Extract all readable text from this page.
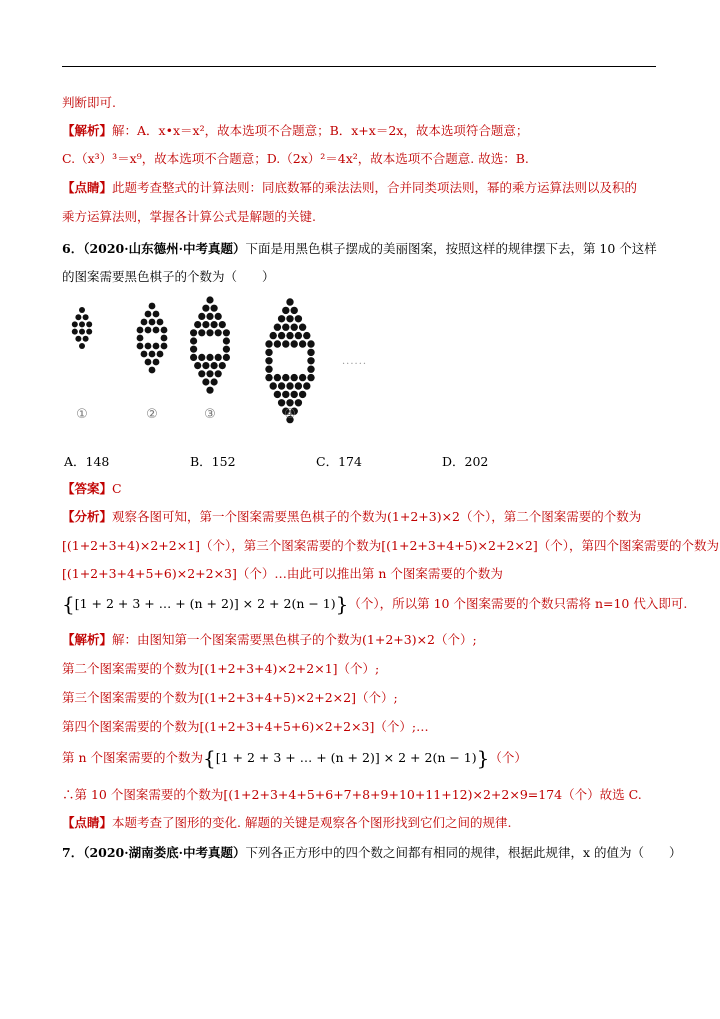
判断即可.
【解析】解：A．x•x＝x²，故本选项不合题意；B．x+x＝2x，故本选项符合题意；
C.（x³）³＝x⁹，故本选项不合题意；D.（2x）²＝4x²，故本选项不合题意. 故选：B.
【点睛】此题考查整式的计算法则：同底数幂的乘法法则，合并同类项法则，幂的乘方运算法则以及积的
乘方运算法则，掌握各计算公式是解题的关键.
6．（2020·山东德州·中考真题）下面是用黑色棋子摆成的美丽图案，按照这样的规律摆下去，第 10 个这样
的图案需要黑色棋子的个数为（　　）
①	②	③	④
······
A．148	B．152	C．174	D．202
【答案】C
【分析】观察各图可知，第一个图案需要黑色棋子的个数为(1+2+3)×2（个），第二个图案需要的个数为
[(1+2+3+4)×2+2×1]（个），第三个图案需要的个数为[(1+2+3+4+5)×2+2×2]（个），第四个图案需要的个数为
[(1+2+3+4+5+6)×2+2×3]（个）…由此可以推出第 n 个图案需要的个数为
{[1 + 2 + 3 + … + (n + 2)] × 2 + 2(n − 1)}（个），所以第 10 个图案需要的个数只需将 n=10 代入即可.
【解析】解：由图知第一个图案需要黑色棋子的个数为(1+2+3)×2（个）;
第二个图案需要的个数为[(1+2+3+4)×2+2×1]（个）;
第三个图案需要的个数为[(1+2+3+4+5)×2+2×2]（个）;
第四个图案需要的个数为[(1+2+3+4+5+6)×2+2×3]（个）;…
第 n 个图案需要的个数为{[1 + 2 + 3 + … + (n + 2)] × 2 + 2(n − 1)}（个）
∴第 10 个图案需要的个数为[(1+2+3+4+5+6+7+8+9+10+11+12)×2+2×9=174（个）故选 C.
【点睛】本题考查了图形的变化. 解题的关键是观察各个图形找到它们之间的规律.
7．（2020·湖南娄底·中考真题）下列各正方形中的四个数之间都有相同的规律，根据此规律，x 的值为（　　）
